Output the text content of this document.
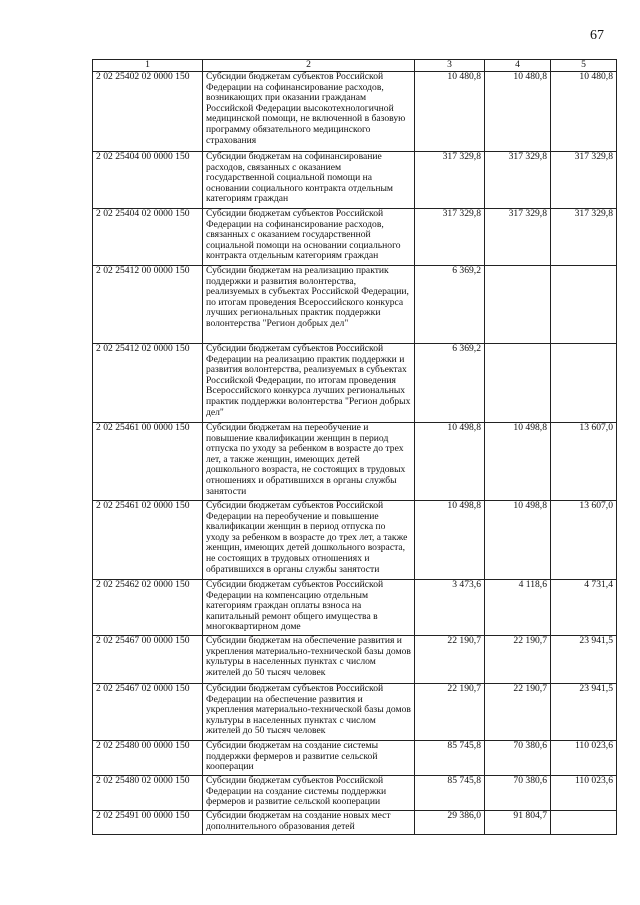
67
1	2	3	4	5
2 02 25402 02 0000 150	Субсидии бюджетам субъектов Российской Федерации на софинансирование расходов, возникающих при оказании гражданам Российской Федерации высокотехнологичной медицинской помощи, не включенной в базовую программу обязательного медицинского страхования	10 480,8	10 480,8	10 480,8
2 02 25404 00 0000 150	Субсидии бюджетам на софинансирование расходов, связанных с оказанием государственной социальной помощи на основании социального контракта отдельным категориям граждан	317 329,8	317 329,8	317 329,8
2 02 25404 02 0000 150	Субсидии бюджетам субъектов Российской Федерации на софинансирование расходов, связанных с оказанием государственной социальной помощи на основании социального контракта отдельным категориям граждан	317 329,8	317 329,8	317 329,8
2 02 25412 00 0000 150	Субсидии бюджетам на реализацию практик поддержки и развития волонтерства, реализуемых в субъектах Российской Федерации, по итогам проведения Всероссийского конкурса лучших региональных практик поддержки волонтерства "Регион добрых дел"	6 369,2		
2 02 25412 02 0000 150	Субсидии бюджетам субъектов Российской Федерации на реализацию практик поддержки и развития волонтерства, реализуемых в субъектах Российской Федерации, по итогам проведения Всероссийского конкурса лучших региональных практик поддержки волонтерства "Регион добрых дел"	6 369,2		
2 02 25461 00 0000 150	Субсидии бюджетам на переобучение и повышение квалификации женщин в период отпуска по уходу за ребенком в возрасте до трех лет, а также женщин, имеющих детей дошкольного возраста, не состоящих в трудовых отношениях и обратившихся в органы службы занятости	10 498,8	10 498,8	13 607,0
2 02 25461 02 0000 150	Субсидии бюджетам субъектов Российской Федерации на переобучение и повышение квалификации женщин в период отпуска по уходу за ребенком в возрасте до трех лет, а также женщин, имеющих детей дошкольного возраста, не состоящих в трудовых отношениях и обратившихся в органы службы занятости	10 498,8	10 498,8	13 607,0
2 02 25462 02 0000 150	Субсидии бюджетам субъектов Российской Федерации на компенсацию отдельным категориям граждан оплаты взноса на капитальный ремонт общего имущества в многоквартирном доме	3 473,6	4 118,6	4 731,4
2 02 25467 00 0000 150	Субсидии бюджетам на обеспечение развития и укрепления материально-технической базы домов культуры в населенных пунктах с числом жителей до 50 тысяч человек	22 190,7	22 190,7	23 941,5
2 02 25467 02 0000 150	Субсидии бюджетам субъектов Российской Федерации на обеспечение развития и укрепления материально-технической базы домов культуры в населенных пунктах с числом жителей до 50 тысяч человек	22 190,7	22 190,7	23 941,5
2 02 25480 00 0000 150	Субсидии бюджетам на создание системы поддержки фермеров и развитие сельской кооперации	85 745,8	70 380,6	110 023,6
2 02 25480 02 0000 150	Субсидии бюджетам субъектов Российской Федерации на создание системы поддержки фермеров и развитие сельской кооперации	85 745,8	70 380,6	110 023,6
2 02 25491 00 0000 150	Субсидии бюджетам на создание новых мест дополнительного образования детей	29 386,0	91 804,7	
